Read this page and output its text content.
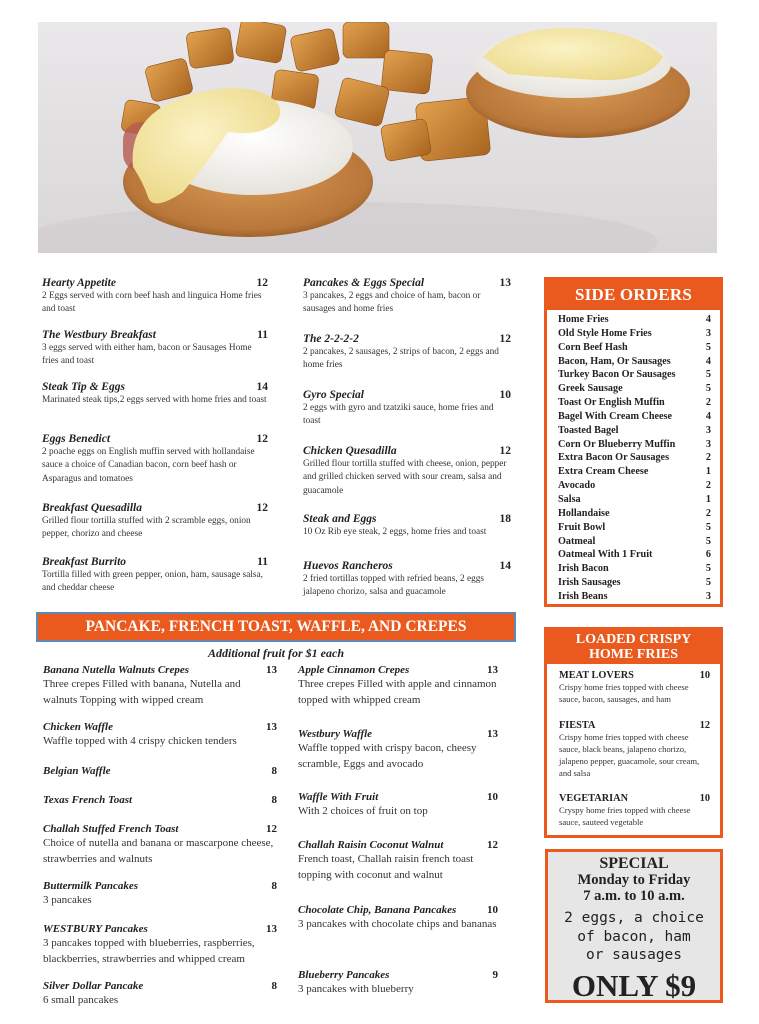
Hearty Appetite	12
2 Eggs served with corn beef hash and linguica Home fries and toast
The Westbury Breakfast	11
3 eggs served with either ham, bacon or Sausages Home fries and toast
Steak Tip & Eggs	14
Marinated steak tips,2 eggs served with home fries and toast
Eggs Benedict	12
2 poache eggs on English muffin served with hollandaise sauce a choice of Canadian bacon, corn beef hash or Asparagus and tomatoes
Breakfast Quesadilla	12
Grilled flour tortilla stuffed with 2 scramble eggs, onion pepper, chorizo and cheese
Breakfast Burrito	11
Tortilla filled with green pepper, onion, ham, sausage salsa, and cheddar cheese
Pancakes & Eggs Special	13
3 pancakes, 2 eggs and choice of ham, bacon or sausages and home fries
The 2-2-2-2	12
2 pancakes, 2 sausages, 2 strips of bacon, 2 eggs and home fries
Gyro Special	10
2 eggs with gyro and tzatziki sauce, home fries and toast
Chicken Quesadilla	12
Grilled flour tortilla stuffed with cheese, onion, pepper and grilled chicken served with sour cream, salsa and guacamole
Steak and Eggs	18
10 Oz Rib eye steak, 2 eggs, home fries and toast
Huevos Rancheros	14
2 fried tortillas topped with refried beans, 2 eggs jalapeno chorizo, salsa and guacamole
SIDE ORDERS
Home Fries	4
Old Style Home Fries	3
Corn Beef Hash	5
Bacon, Ham, Or Sausages	4
Turkey Bacon Or Sausages	5
Greek Sausage	5
Toast Or English Muffin	2
Bagel With Cream Cheese	4
Toasted Bagel	3
Corn Or Blueberry Muffin	3
Extra Bacon Or Sausages	2
Extra Cream Cheese	1
Avocado	2
Salsa	1
Hollandaise	2
Fruit Bowl	5
Oatmeal	5
Oatmeal With 1 Fruit	6
Irish Bacon	5
Irish Sausages	5
Irish Beans	3
PANCAKE, FRENCH TOAST, WAFFLE, AND CREPES
Additional fruit for $1 each
Banana Nutella Walnuts Crepes	13
Three crepes Filled with banana, Nutella and walnuts Topping with wipped cream
Chicken Waffle	13
Waffle topped with 4 crispy chicken tenders
Belgian Waffle	8
Texas French Toast	8
Challah Stuffed French Toast	12
Choice of nutella and banana or mascarpone cheese, strawberries and walnuts
Buttermilk Pancakes	8
3 pancakes
WESTBURY Pancakes	13
3 pancakes topped with blueberries, raspberries, blackberries, strawberries and whipped cream
Silver Dollar Pancake	8
6 small pancakes
Apple Cinnamon Crepes	13
Three crepes Filled with apple and cinnamon topped with whipped cream
Westbury Waffle	13
Waffle topped with crispy bacon, cheesy scramble, Eggs and avocado
Waffle With Fruit	10
With 2 choices of fruit on top
Challah Raisin Coconut Walnut	12
French toast, Challah raisin french toast topping with coconut and walnut
Chocolate Chip, Banana Pancakes	10
3 pancakes with chocolate chips and bananas
Blueberry Pancakes	9
3 pancakes with blueberry
LOADED CRISPY
HOME FRIES
MEAT LOVERS	10
Crispy home fries topped with cheese sauce, bacon, sausages, and ham
FIESTA	12
Crispy home fries topped with cheese sauce, black beans, jalapeno chorizo, jalapeno pepper, guacamole, sour cream, and salsa
VEGETARIAN	10
Cryspy home fries topped with cheese sauce, sauteed vegetable
SPECIAL
Monday to Friday
7 a.m. to 10 a.m.
2 eggs, a choice
of bacon, ham
or sausages
ONLY $9
